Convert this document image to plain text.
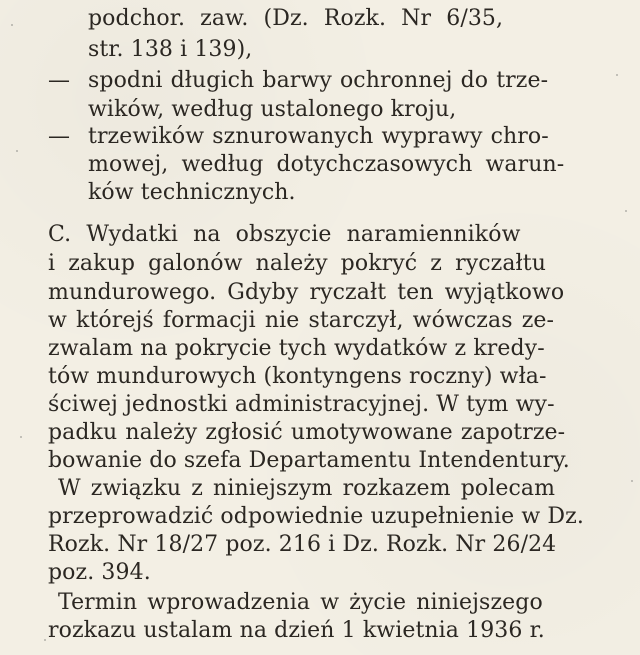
podchor. zaw. (Dz. Rozk. Nr 6/35,
str. 138 i 139),
— spodni długich barwy ochronnej do trze-
wików, według ustalonego kroju,
— trzewików sznurowanych wyprawy chro-
mowej, według dotychczasowych warun-
ków technicznych.
C. Wydatki na obszycie naramienników
i zakup galonów należy pokryć z ryczałtu
mundurowego. Gdyby ryczałt ten wyjątkowo
w którejś formacji nie starczył, wówczas ze-
zwalam na pokrycie tych wydatków z kredy-
tów mundurowych (kontyngens roczny) wła-
ściwej jednostki administracyjnej. W tym wy-
padku należy zgłosić umotywowane zapotrze-
bowanie do szefa Departamentu Intendentury.
W związku z niniejszym rozkazem polecam
przeprowadzić odpowiednie uzupełnienie w Dz.
Rozk. Nr 18/27 poz. 216 i Dz. Rozk. Nr 26/24
poz. 394.
Termin wprowadzenia w życie niniejszego
rozkazu ustalam na dzień 1 kwietnia 1936 r.
